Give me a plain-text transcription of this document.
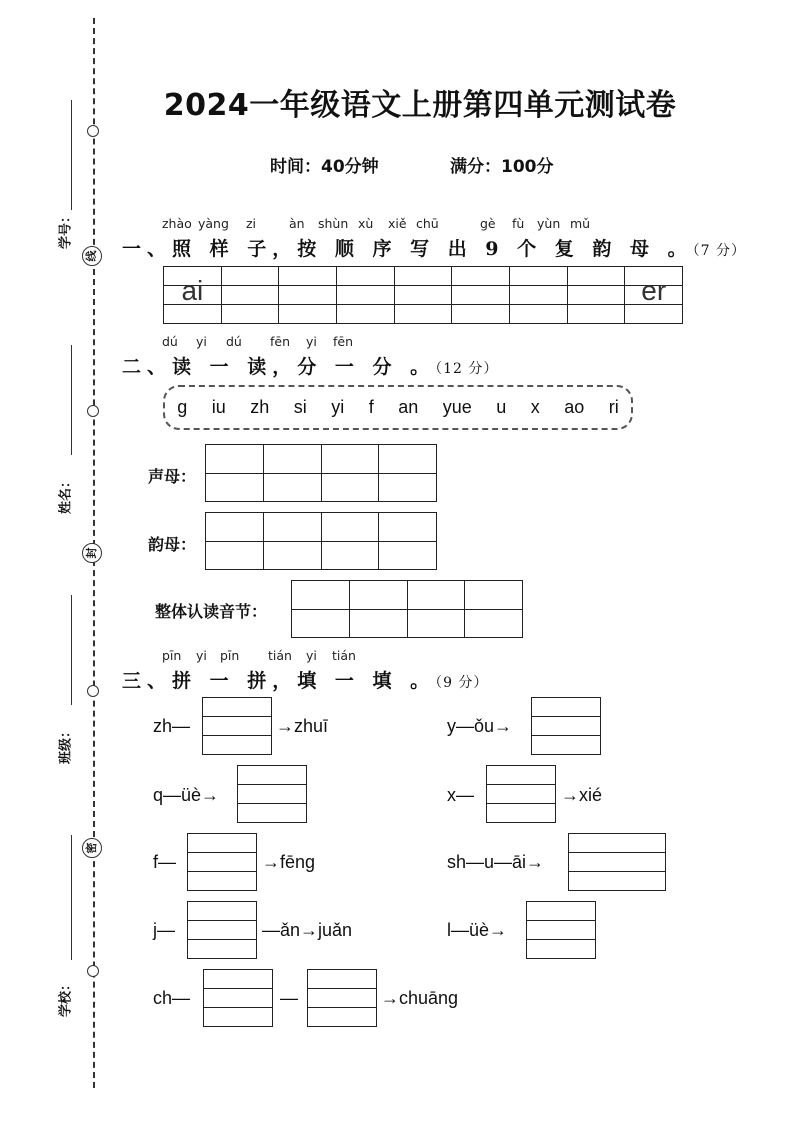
学号：
线
姓名：
封
班级：
密
学校：
2024一年级语文上册第四单元测试卷
时间：40分钟	满分：100分
zhào yàng zi	àn shùn xù xiě chū	gè fù yùn mǔ
一、照 样 子，按 顺 序 写 出 9 个 复 韵 母 。（7 分）
ai	er
dú yi dú fēn yi fēn
二、读 一 读，分 一 分 。（12 分）
g iu zh si yi f an yue u x ao ri
声母：
韵母：
整体认读音节：
pīn yi pīn tián yi tián
三、拼 一 拼，填 一 填 。（9 分）
zh—	→zhuī	y—ǒu→
q—üè→	x—	→xié
f—	→fēng	sh—u—āi→
j—	—ǎn→juǎn	l—üè→
ch—	—	→chuāng
